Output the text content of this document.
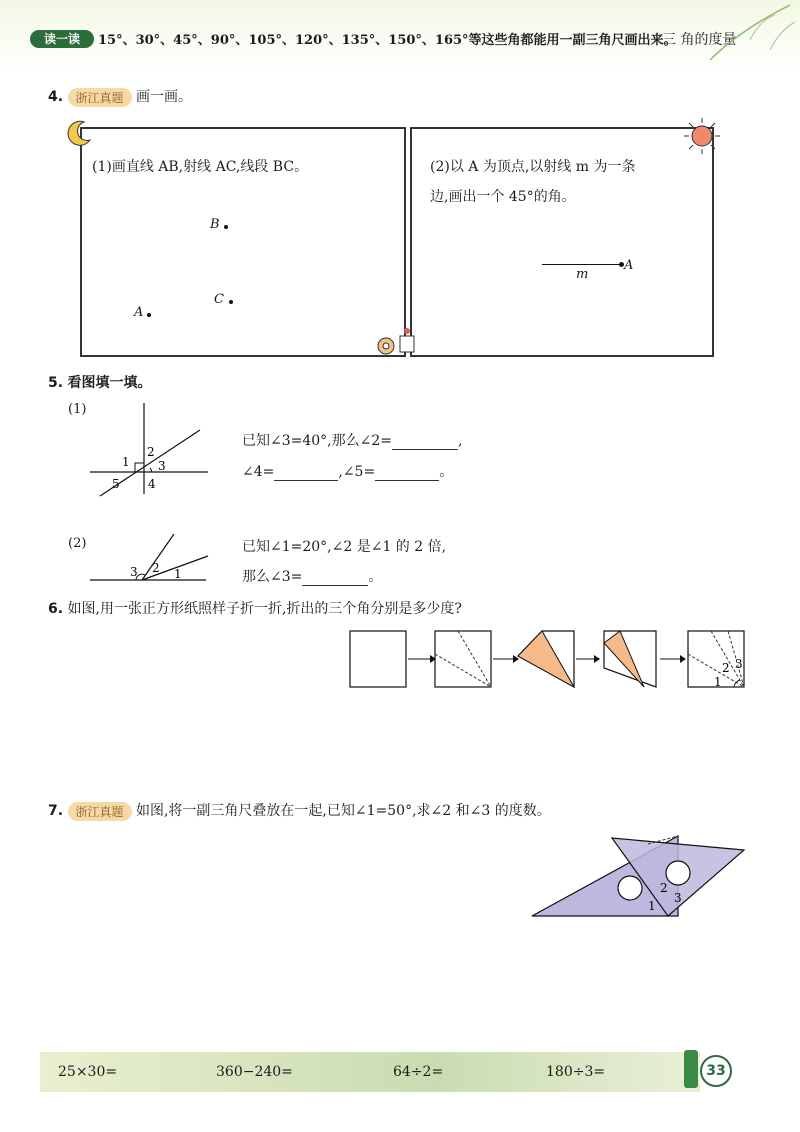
读一读	15°、30°、45°、90°、105°、120°、135°、150°、165°等这些角都能用一副三角尺画出来。
三 角的度量
4. 浙江真题 画一画。
(1)画直线 AB,射线 AC,线段 BC。
B
C
A
(2)以 A 为顶点,以射线 m 为一条
边,画出一个 45°的角。
m
A
5. 看图填一填。
(1)
1
2
3
4
5
已知∠3=40°,那么∠2=	,
∠4=	,∠5=	。
(2)
3 2 1
已知∠1=20°,∠2 是∠1 的 2 倍,
那么∠3=	。
6. 如图,用一张正方形纸照样子折一折,折出的三个角分别是多少度?
1
2 3
7. 浙江真题 如图,将一副三角尺叠放在一起,已知∠1=50°,求∠2 和∠3 的度数。
1
2
3
25×30=	360−240=	64÷2=	180÷3=	33
